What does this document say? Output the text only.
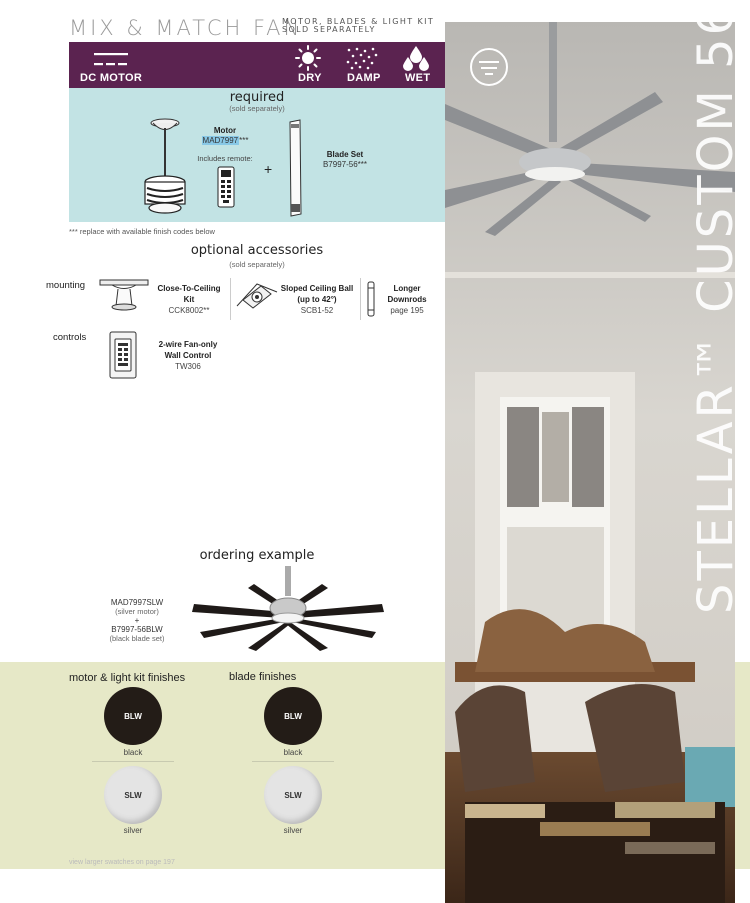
MIX & MATCH FAN
MOTOR, BLADES & LIGHT KIT
SOLD SEPARATELY
DC MOTOR	DRY DAMP WET
required
(sold separately)
Motor
MAD7997***
Includes remote:
+
Blade Set
B7997-56***
*** replace with available finish codes below
optional accessories
(sold separately)
mounting	Close-To-Ceiling
Kit
CCK8002**
Sloped Ceiling Ball
(up to 42°)
SCB1-52
Longer
Downrods
page 195
controls
2-wire Fan-only
Wall Control
TW306
ordering example
MAD7997SLW
(silver motor)
+
B7997-56BLW
(black blade set)
motor & light kit finishes	blade finishes
BLW
black
SLW
silver
BLW
black
SLW
silver
view larger swatches on page 197
STELLAR™ CUSTOM 56
